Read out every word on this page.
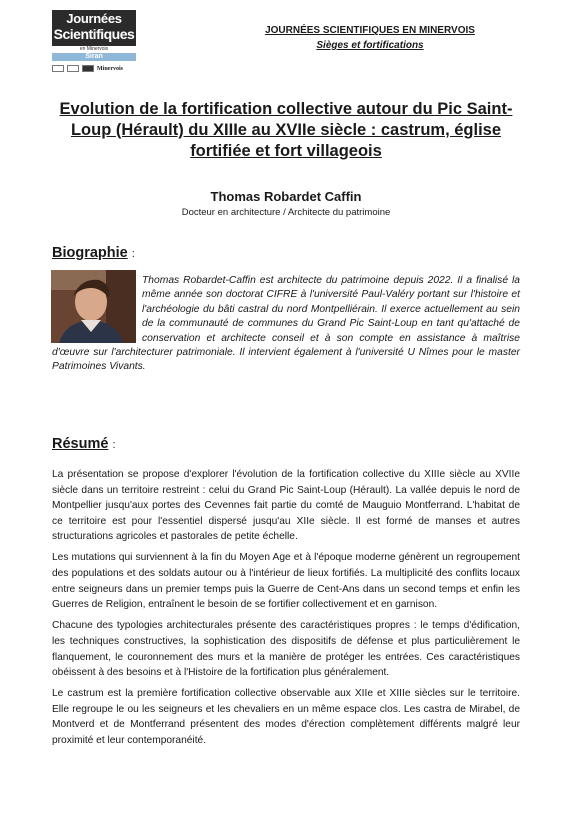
Journées
Scientifiques
en Minervois
Siran
Minervois
JOURNÉES SCIENTIFIQUES EN MINERVOIS
Sièges et fortifications
Evolution de la fortification collective autour du Pic Saint-Loup (Hérault) du XIIIe au XVIIe siècle : castrum, église fortifiée et fort villageois
Thomas Robardet Caffin
Docteur en architecture / Architecte du patrimoine
Biographie :
Thomas Robardet-Caffin est architecte du patrimoine depuis 2022. Il a finalisé la même année son doctorat CIFRE à l'université Paul-Valéry portant sur l'histoire et l'archéologie du bâti castral du nord Montpelliérain. Il exerce actuellement au sein de la communauté de communes du Grand Pic Saint-Loup en tant qu'attaché de conservation et architecte conseil et à son compte en assistance à maîtrise d'œuvre sur l'architecturer patrimoniale. Il intervient également à l'université U Nîmes pour le master Patrimoines Vivants.
Résumé :

La présentation se propose d'explorer l'évolution de la fortification collective du XIIIe siècle au XVIIe siècle dans un territoire restreint : celui du Grand Pic Saint-Loup (Hérault). La vallée depuis le nord de Montpellier jusqu'aux portes des Cevennes fait partie du comté de Mauguio Montferrand. L'habitat de ce territoire est pour l'essentiel dispersé jusqu'au XIIe siècle. Il est formé de manses et autres structurations agricoles et pastorales de petite échelle.

Les mutations qui surviennent à la fin du Moyen Age et à l'époque moderne génèrent un regroupement des populations et des soldats autour ou à l'intérieur de lieux fortifiés. La multiplicité des conflits locaux entre seigneurs dans un premier temps puis la Guerre de Cent-Ans dans un second temps et enfin les Guerres de Religion, entraînent le besoin de se fortifier collectivement et en garnison.

Chacune des typologies architecturales présente des caractéristiques propres : le temps d'édification, les techniques constructives, la sophistication des dispositifs de défense et plus particulièrement le flanquement, le couronnement des murs et la manière de protéger les entrées. Ces caractéristiques obéissent à des besoins et à l'Histoire de la fortification plus généralement.

Le castrum est la première fortification collective observable aux XIIe et XIIIe siècles sur le territoire. Elle regroupe le ou les seigneurs et les chevaliers en un même espace clos. Les castra de Mirabel, de Montverd et de Montferrand présentent des modes d'érection complètement différents malgré leur proximité et leur contemporanéité.
